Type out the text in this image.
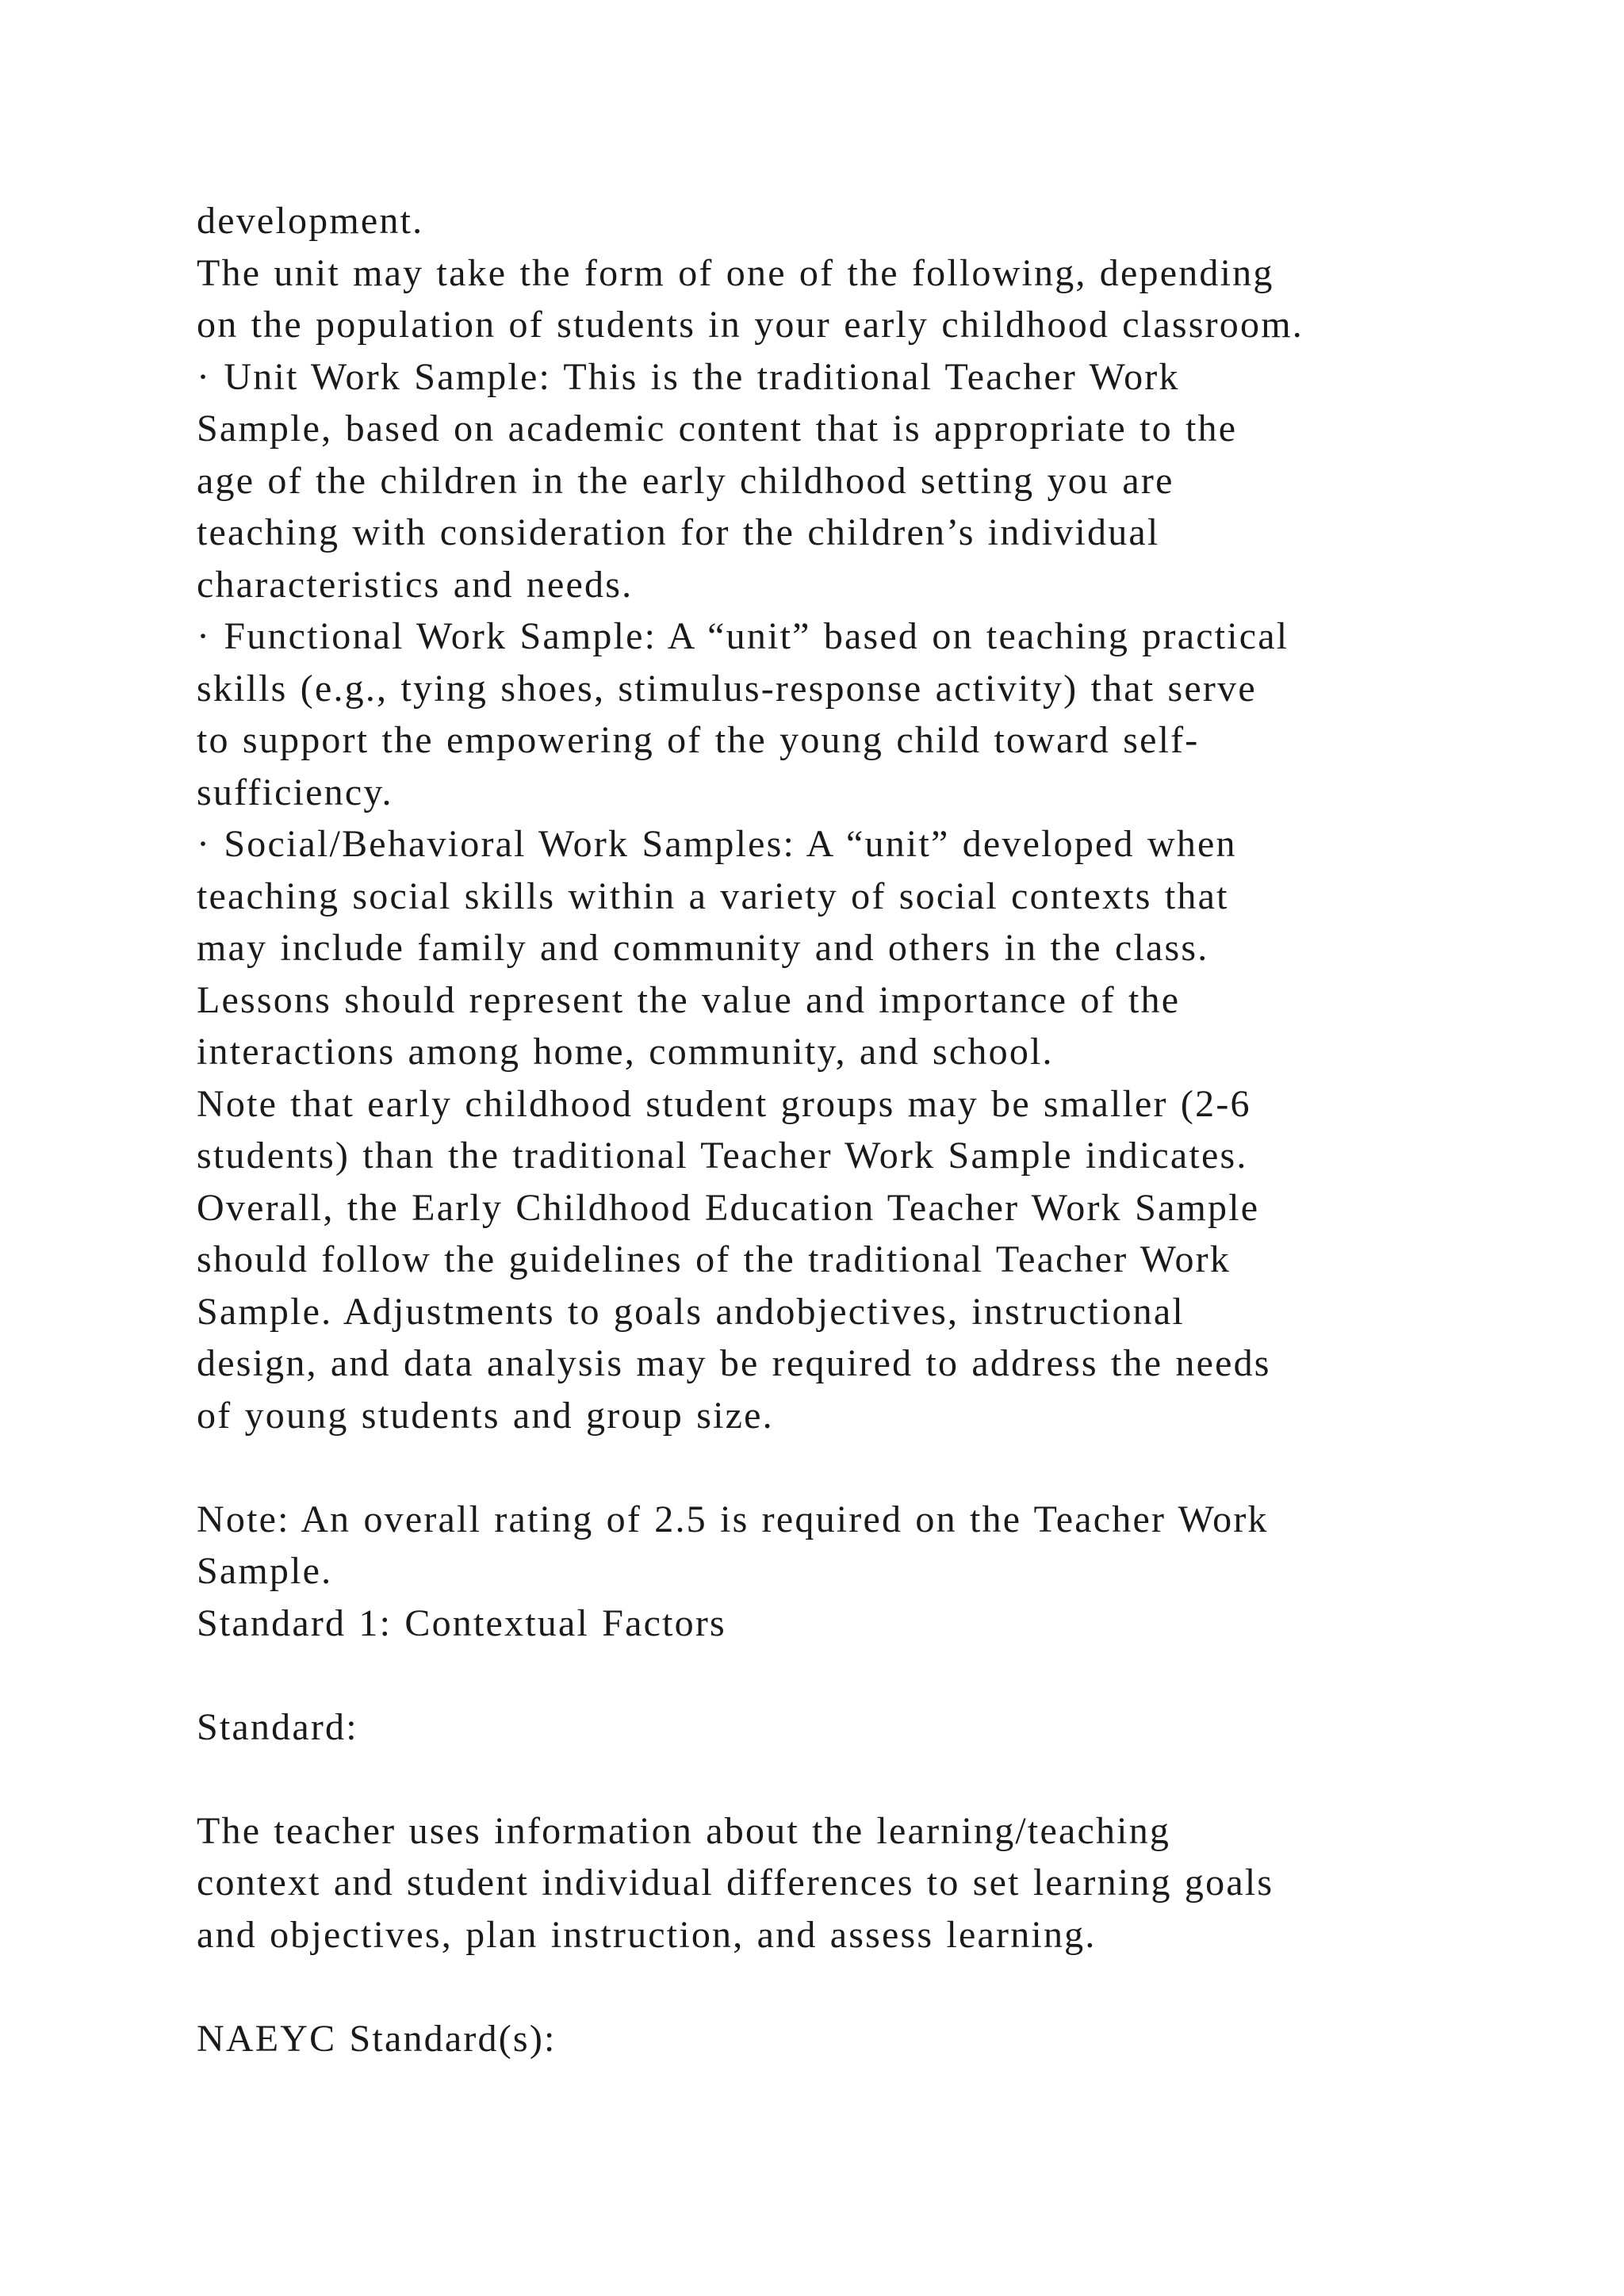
development.
The unit may take the form of one of the following, depending
on the population of students in your early childhood classroom.
· Unit Work Sample: This is the traditional Teacher Work
Sample, based on academic content that is appropriate to the
age of the children in the early childhood setting you are
teaching with consideration for the children’s individual
characteristics and needs.
· Functional Work Sample: A “unit” based on teaching practical
skills (e.g., tying shoes, stimulus-response activity) that serve
to support the empowering of the young child toward self-
sufficiency.
· Social/Behavioral Work Samples: A “unit” developed when
teaching social skills within a variety of social contexts that
may include family and community and others in the class.
Lessons should represent the value and importance of the
interactions among home, community, and school.
Note that early childhood student groups may be smaller (2-6
students) than the traditional Teacher Work Sample indicates.
Overall, the Early Childhood Education Teacher Work Sample
should follow the guidelines of the traditional Teacher Work
Sample. Adjustments to goals andobjectives, instructional
design, and data analysis may be required to address the needs
of young students and group size.
Note: An overall rating of 2.5 is required on the Teacher Work
Sample.
Standard 1: Contextual Factors
Standard:
The teacher uses information about the learning/teaching
context and student individual differences to set learning goals
and objectives, plan instruction, and assess learning.
NAEYC Standard(s):
